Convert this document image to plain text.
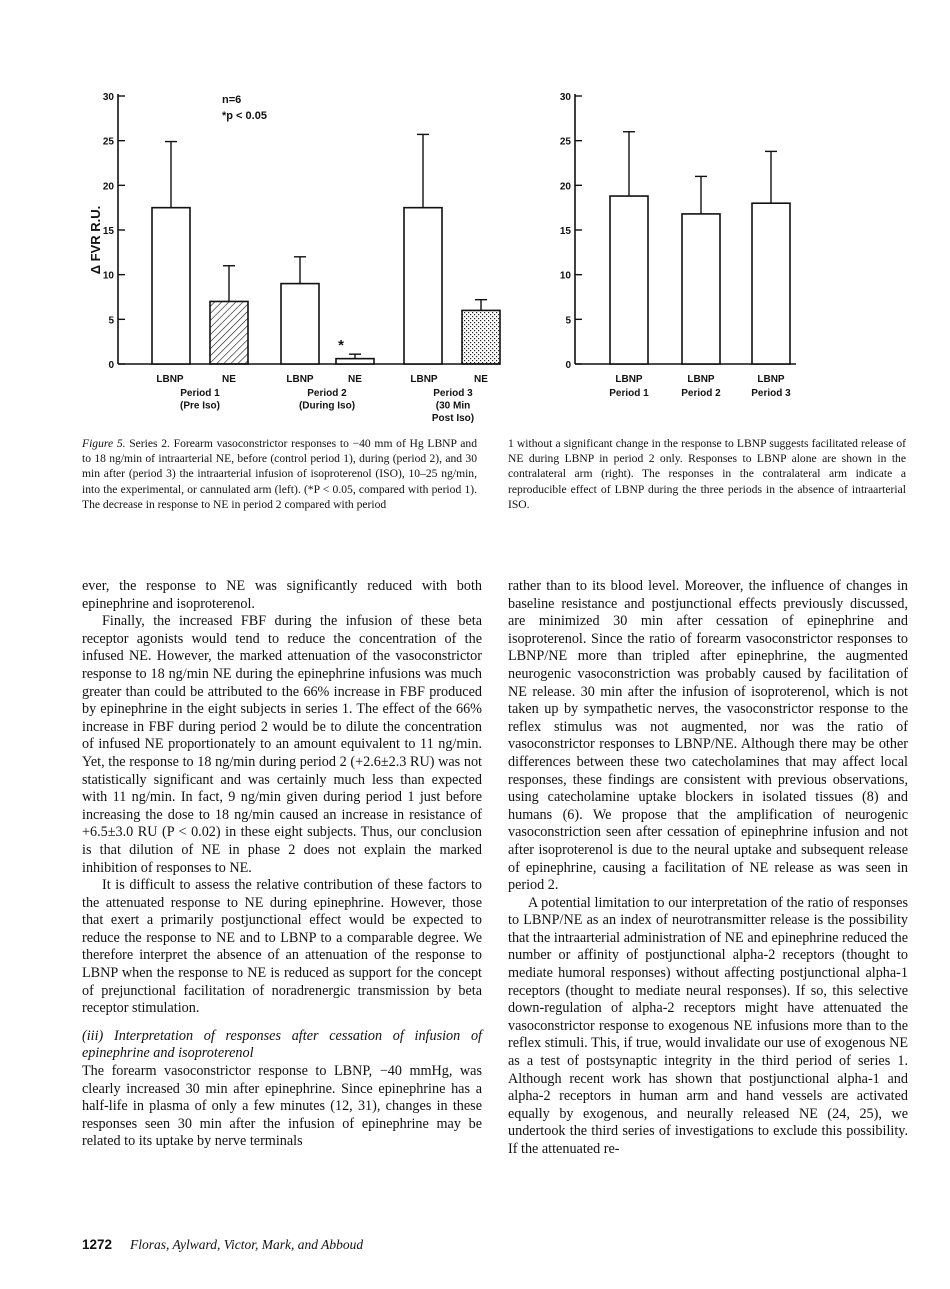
n=6
*p < 0.05
Δ FVR R.U.
*
0
5
10
15
20
25
30
LBNP	NE	LBNP	NE	LBNP	NE
Period 1
(Pre Iso)
Period 2
(During Iso)
Period 3
(30 Min
Post Iso)
0
5
10
15
20
25
30
LBNP	LBNP	LBNP
Period 1	Period 2	Period 3
Figure 5. Series 2. Forearm vasoconstrictor responses to −40 mm of Hg LBNP and to 18 ng/min of intraarterial NE, before (control period 1), during (period 2), and 30 min after (period 3) the intraarterial infusion of isoproterenol (ISO), 10–25 ng/min, into the experimental, or cannulated arm (left). (*P < 0.05, compared with period 1). The decrease in response to NE in period 2 compared with period
1 without a significant change in the response to LBNP suggests facilitated release of NE during LBNP in period 2 only. Responses to LBNP alone are shown in the contralateral arm (right). The responses in the contralateral arm indicate a reproducible effect of LBNP during the three periods in the absence of intraarterial ISO.

ever, the response to NE was significantly reduced with both epinephrine and isoproterenol.

Finally, the increased FBF during the infusion of these beta receptor agonists would tend to reduce the concentration of the infused NE. However, the marked attenuation of the vasoconstrictor response to 18 ng/min NE during the epinephrine infusions was much greater than could be attributed to the 66% increase in FBF produced by epinephrine in the eight subjects in series 1. The effect of the 66% increase in FBF during period 2 would be to dilute the concentration of infused NE proportionately to an amount equivalent to 11 ng/min. Yet, the response to 18 ng/min during period 2 (+2.6±2.3 RU) was not statistically significant and was certainly much less than expected with 11 ng/min. In fact, 9 ng/min given during period 1 just before increasing the dose to 18 ng/min caused an increase in resistance of +6.5±3.0 RU (P < 0.02) in these eight subjects. Thus, our conclusion is that dilution of NE in phase 2 does not explain the marked inhibition of responses to NE.

It is difficult to assess the relative contribution of these factors to the attenuated response to NE during epinephrine. However, those that exert a primarily postjunctional effect would be expected to reduce the response to NE and to LBNP to a comparable degree. We therefore interpret the absence of an attenuation of the response to LBNP when the response to NE is reduced as support for the concept of prejunctional facilitation of noradrenergic transmission by beta receptor stimulation.

(iii) Interpretation of responses after cessation of infusion of epinephrine and isoproterenol

The forearm vasoconstrictor response to LBNP, −40 mmHg, was clearly increased 30 min after epinephrine. Since epinephrine has a half-life in plasma of only a few minutes (12, 31), changes in these responses seen 30 min after the infusion of epinephrine may be related to its uptake by nerve terminals

rather than to its blood level. Moreover, the influence of changes in baseline resistance and postjunctional effects previously discussed, are minimized 30 min after cessation of epinephrine and isoproterenol. Since the ratio of forearm vasoconstrictor responses to LBNP/NE more than tripled after epinephrine, the augmented neurogenic vasoconstriction was probably caused by facilitation of NE release. 30 min after the infusion of isoproterenol, which is not taken up by sympathetic nerves, the vasoconstrictor response to the reflex stimulus was not augmented, nor was the ratio of vasoconstrictor responses to LBNP/NE. Although there may be other differences between these two catecholamines that may affect local responses, these findings are consistent with previous observations, using catecholamine uptake blockers in isolated tissues (8) and humans (6). We propose that the amplification of neurogenic vasoconstriction seen after cessation of epinephrine infusion and not after isoproterenol is due to the neural uptake and subsequent release of epinephrine, causing a facilitation of NE release as was seen in period 2.

A potential limitation to our interpretation of the ratio of responses to LBNP/NE as an index of neurotransmitter release is the possibility that the intraarterial administration of NE and epinephrine reduced the number or affinity of postjunctional alpha-2 receptors (thought to mediate humoral responses) without affecting postjunctional alpha-1 receptors (thought to mediate neural responses). If so, this selective down-regulation of alpha-2 receptors might have attenuated the vasoconstrictor response to exogenous NE infusions more than to the reflex stimuli. This, if true, would invalidate our use of exogenous NE as a test of postsynaptic integrity in the third period of series 1. Although recent work has shown that postjunctional alpha-1 and alpha-2 receptors in human arm and hand vessels are activated equally by exogenous, and neurally released NE (24, 25), we undertook the third series of investigations to exclude this possibility. If the attenuated re-

1272 Floras, Aylward, Victor, Mark, and Abboud
